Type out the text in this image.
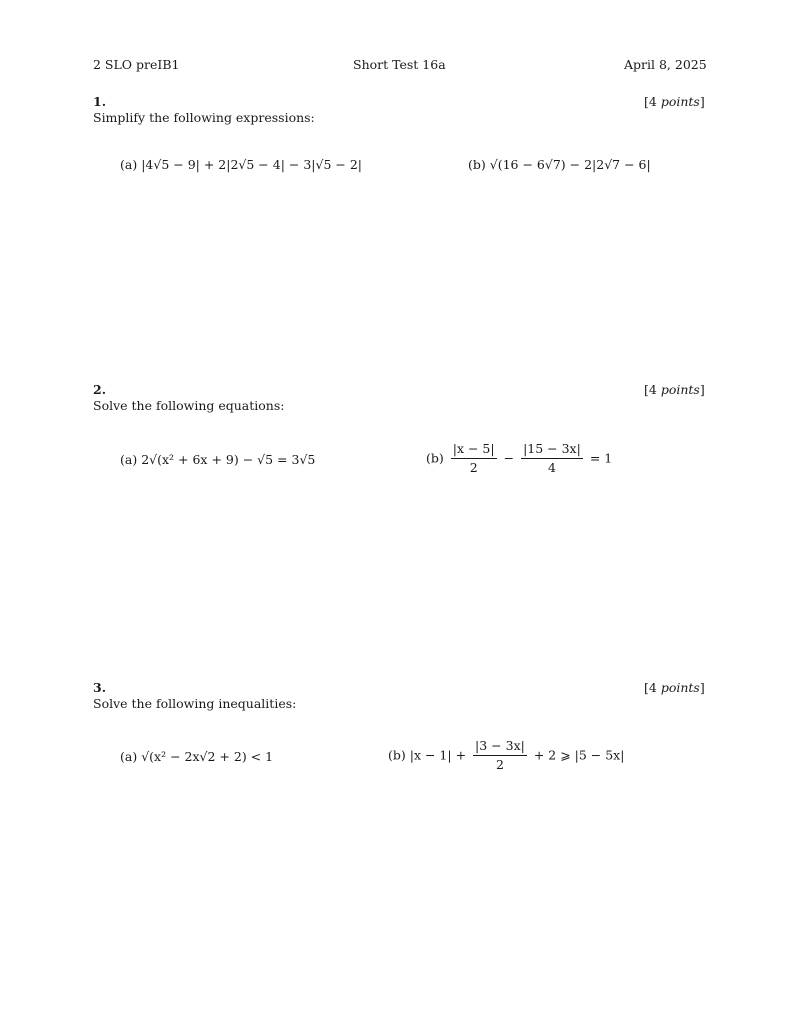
2 SLO preIB1	Short Test 16a	April 8, 2025
1.	[4 points]
Simplify the following expressions:
(a) |4√5 − 9| + 2|2√5 − 4| − 3|√5 − 2|	(b) √(16 − 6√7) − 2|2√7 − 6|
2.	[4 points]
Solve the following equations:
(a) 2√(x² + 6x + 9) − √5 = 3√5	$(b) \frac{|x - 5|}{2} - \frac{|15 - 3x|}{4} = 1$
3.	[4 points]
Solve the following inequalities:
(a) √(x² − 2x√2 + 2) < 1	(b) $|x - 1| + \frac{|3 - 3x|}{2} + 2$ ⩾ |5 − 5x|
